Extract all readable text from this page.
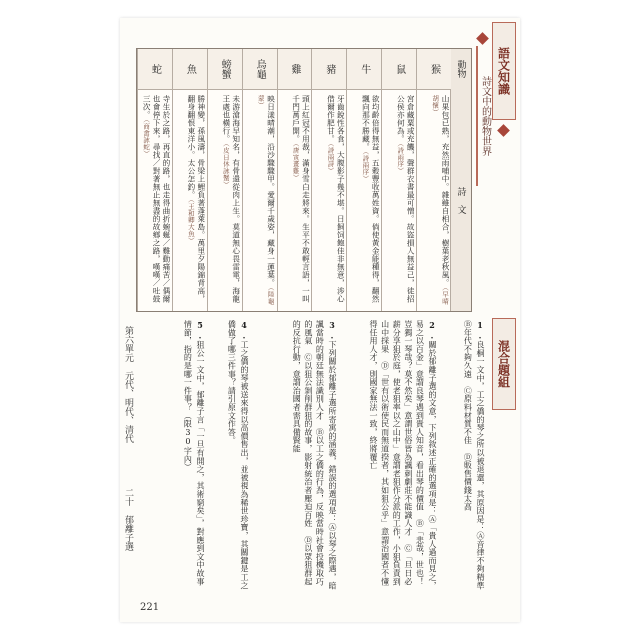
語文知識
詩文中的動物世界
動物
詩　文
猴
山果包已熟，充然雨哺中。雜雖自相合，樹葉老秋風。（早晴胡懷）
鼠
宮倉藏粟或充饑，聲群衣書最可憎。故盜損人無益己，徒招公侯亦何為。（詩雨序）
牛
欲均齡倍得無益，五穀豐收萬姓資。倘使黃金能種得，翻然飄向那不勝藏。（詩兩序）
豬
牙齒銳性各食，大腹影子幾不堪。日飼饲飽佳非無意，涉心借爾作肥甘。（詩兩詩）
雞
頭上紅冠不用裁，滿身雪白走將來。生平不敢輕言語，一叫千門萬戶開。（唐寅畫雞）
烏龜
映日漾晴潮，沿沙驟驟甲。愛爾千歲姿，藏身一蓮葉。（陸龜蒙）
螃蟹
未游滄海早知名，有骨還從肉上生。莫道無心畏雷電，海龍王處也橫行。（皮日休詠蟹）
魚
勝神變，孫風濤，骨梁上鯉負著蓬萊島。萬里夕陽錦背高，翻身翻恨東洋小。太公怎釣。（王和卿大魚）
蛇
寺生於之路，再直的路，也走得曲折蜿蜒／難動痛苦／偶爾也會停下來，尋找／對著無止無盡的故鄉之路，嘆嘆／吐鼓三次。（商禽詠蛇）
混合題組
第六單元　元代、明代、清代
二十　郁離子選
1.良桐一文中，工之僑的琴之所以被退還，其原因是：Ⓐ音律不夠精準　Ⓑ年代不夠久遠　Ⓒ原料材質不佳　Ⓓ販售價錢太高
2.關於郁離子選的文意，下列敘述正確的選項是：Ⓐ「貴人過而見之，易之以百金」意謂良琴遇到貴人知音，看出琴的價值　Ⓑ「悲哉，世也！豈獨一琴哉？莫不然矣」意謂世俗皆為諷刺劇莊不能識人才　Ⓒ「旦日必薪分享狙於庭，使老狙率以之山中」意謂老狙作分派的工作，小狙負責到山中採果　Ⓓ「世有以術使民而無道揆者，其如狙公乎」意謂治國者不懂得任用人才，則國家無法一致，終將覆亡
3.下列關於郁離子選所寄寓的涵義，錯誤的選項是：Ⓐ以琴之際遇，暗諷當時的朝廷無法識別人才　Ⓑ以工之僑的行為，反映當時社會投機取巧的風氣　Ⓒ以狙公剝削群狙的故事，影射統治者壓迫百姓　Ⓓ以眾狙群起的反抗行動，意謂治國者需具備賢能
4.工之僑的琴被送來得以高價售出，並被視為稀世珍寶，其關鍵是工之僑做了哪三件事？請引原文作答。
5.狙公一文中，郁離子言「一旦有開之，其術窮矣」，對應到文中故事情節，指的是哪一件事？（限30字內）
221
